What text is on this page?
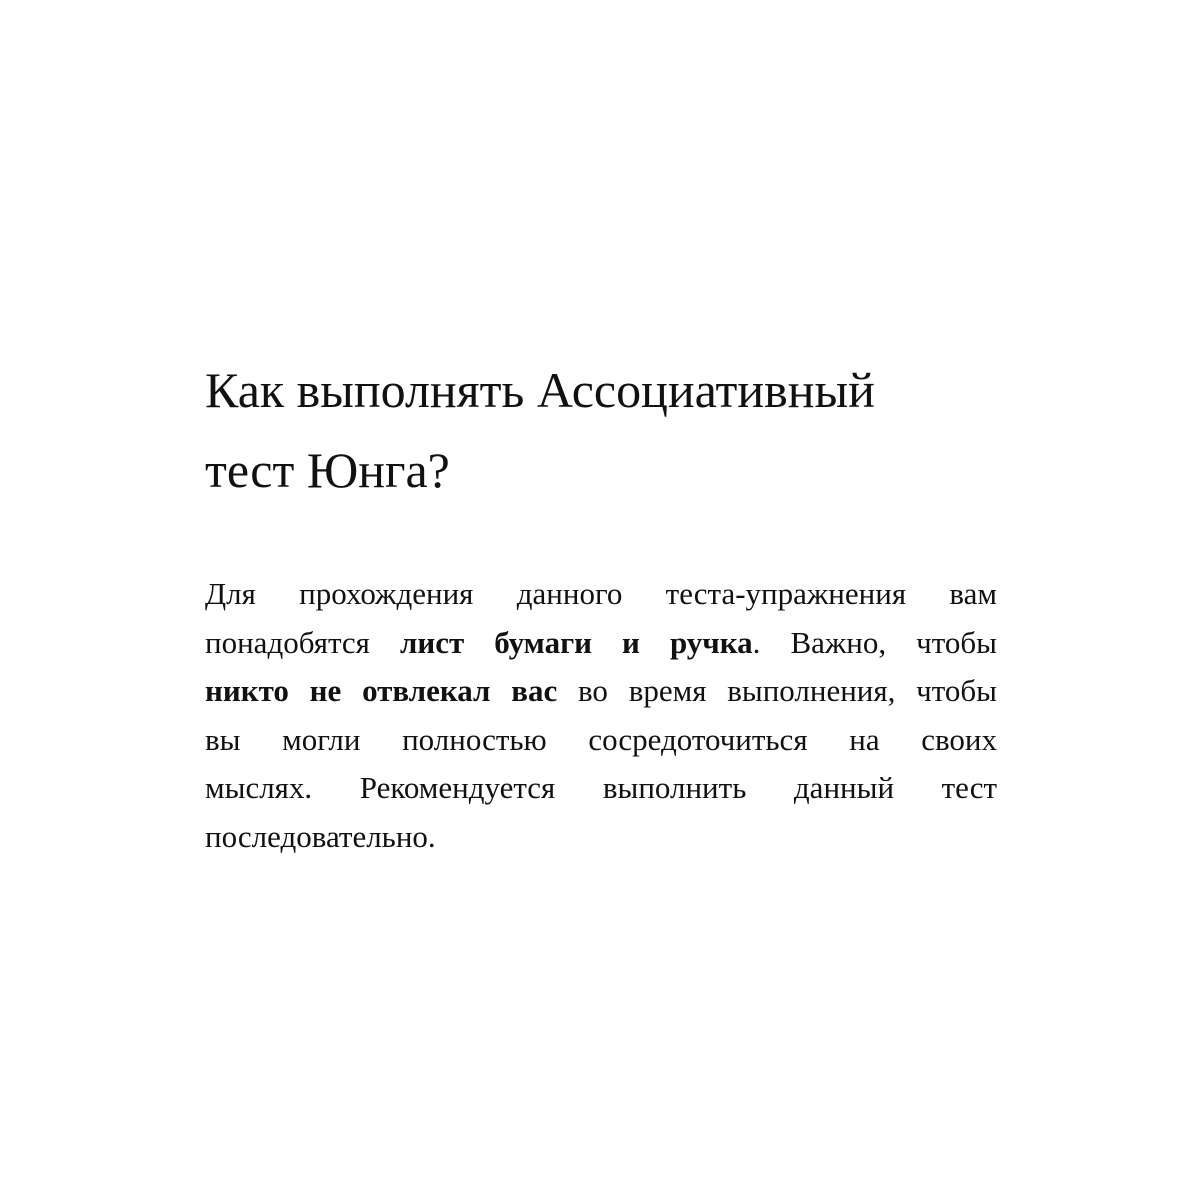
Как выполнять Ассоциативный
тест Юнга?
Для прохождения данного теста-упражнения вам
понадобятся лист бумаги и ручка. Важно, чтобы
никто не отвлекал вас во время выполнения, чтобы
вы могли полностью сосредоточиться на своих
мыслях. Рекомендуется выполнить данный тест
последовательно.
